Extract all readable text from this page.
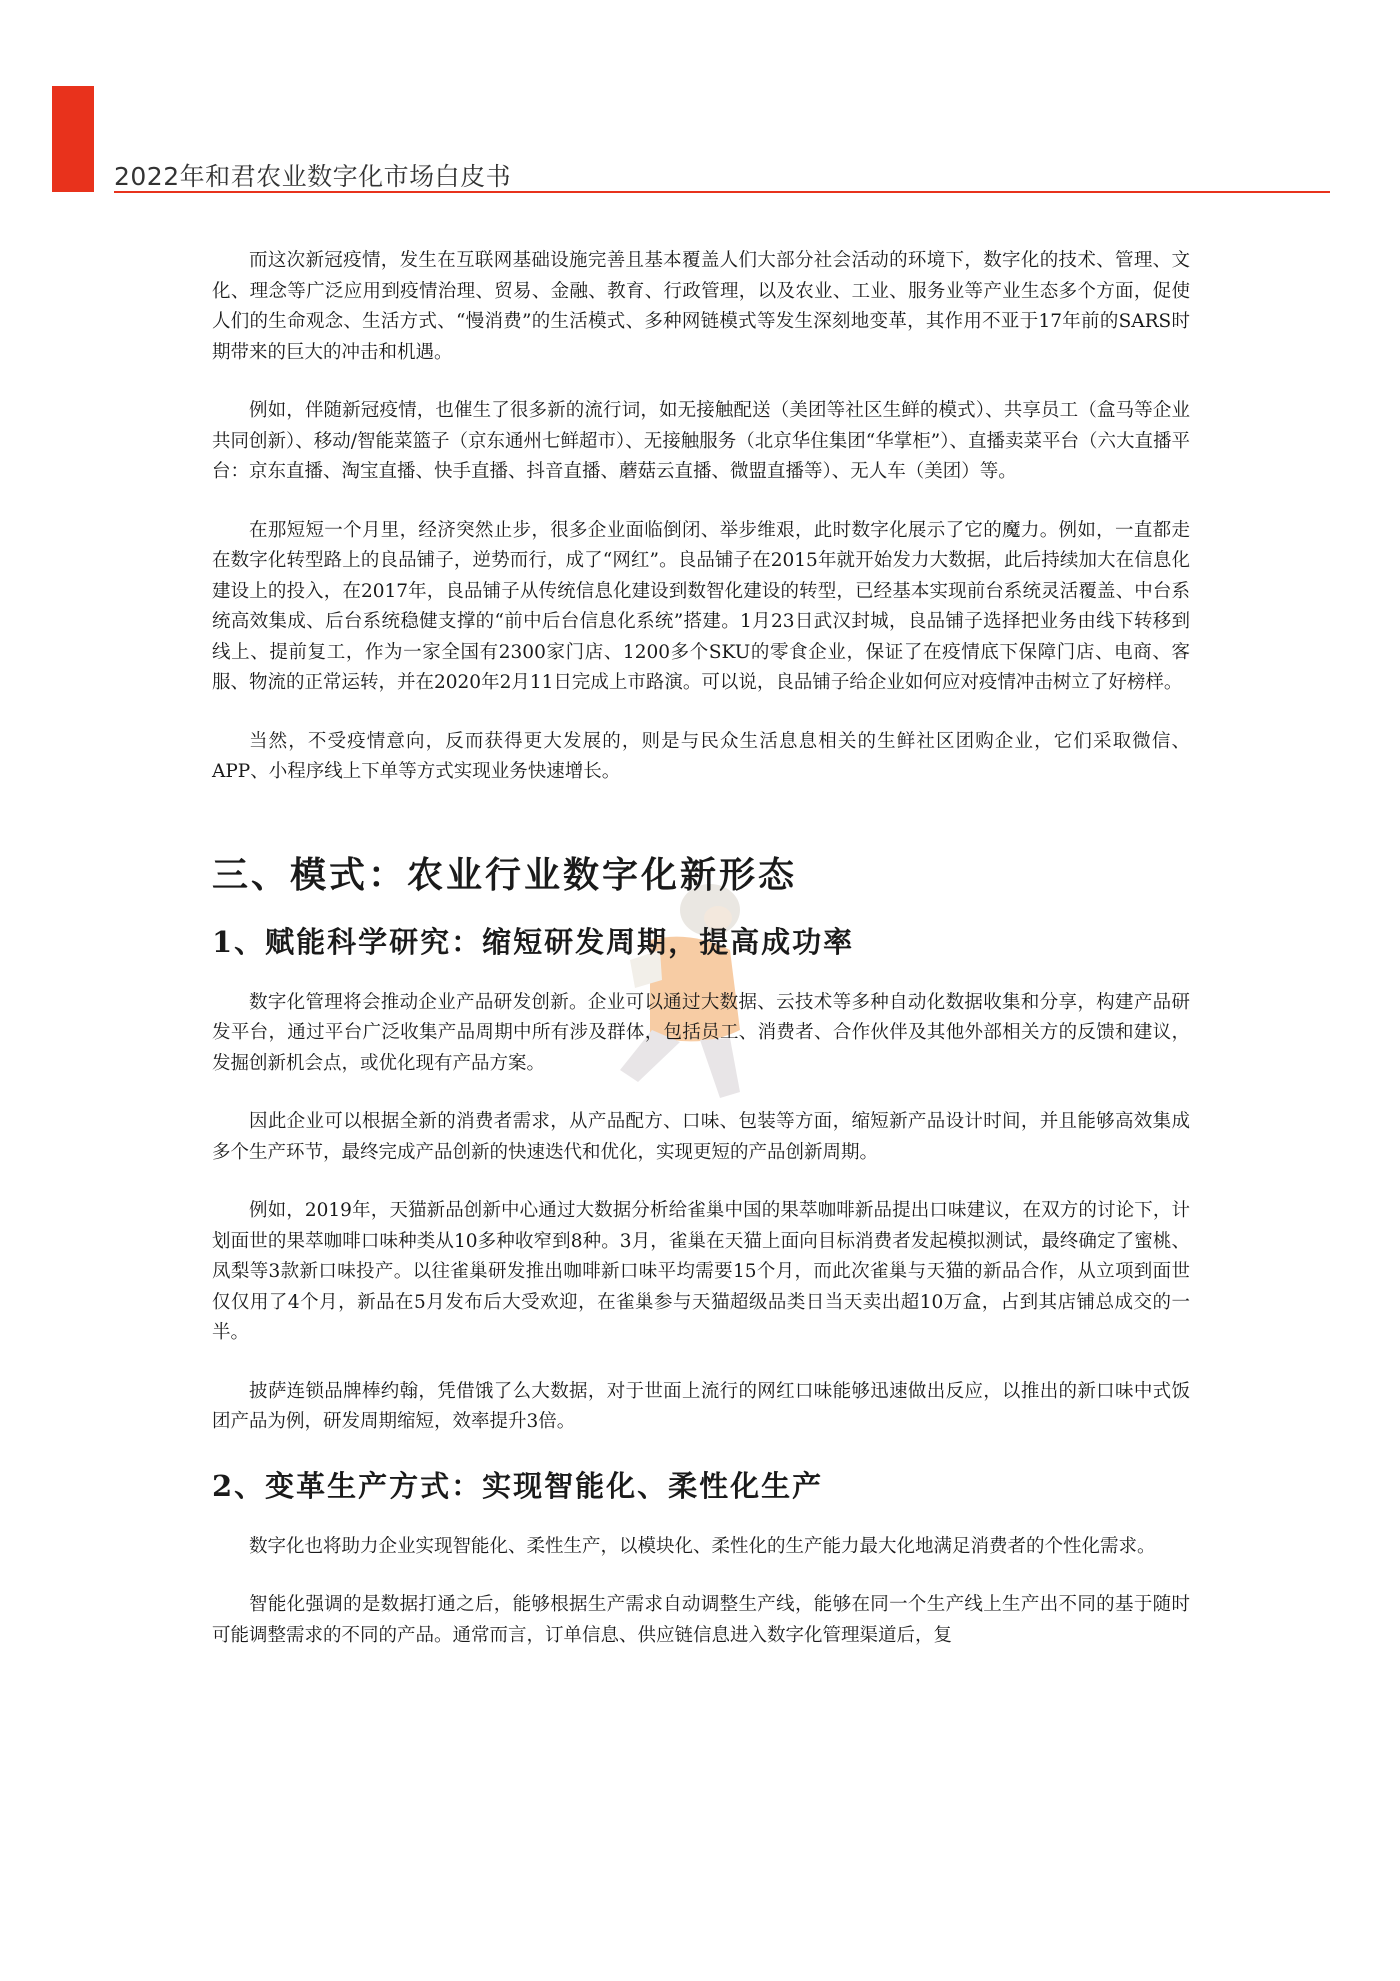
2022年和君农业数字化市场白皮书

而这次新冠疫情，发生在互联网基础设施完善且基本覆盖人们大部分社会活动的环境下，数字化的技术、管理、文化、理念等广泛应用到疫情治理、贸易、金融、教育、行政管理，以及农业、工业、服务业等产业生态多个方面，促使人们的生命观念、生活方式、“慢消费”的生活模式、多种网链模式等发生深刻地变革，其作用不亚于17年前的SARS时期带来的巨大的冲击和机遇。

例如，伴随新冠疫情，也催生了很多新的流行词，如无接触配送（美团等社区生鲜的模式）、共享员工（盒马等企业共同创新）、移动/智能菜篮子（京东通州七鲜超市）、无接触服务（北京华住集团“华掌柜”）、直播卖菜平台（六大直播平台：京东直播、淘宝直播、快手直播、抖音直播、蘑菇云直播、微盟直播等）、无人车（美团）等。

在那短短一个月里，经济突然止步，很多企业面临倒闭、举步维艰，此时数字化展示了它的魔力。例如，一直都走在数字化转型路上的良品铺子，逆势而行，成了“网红”。良品铺子在2015年就开始发力大数据，此后持续加大在信息化建设上的投入，在2017年，良品铺子从传统信息化建设到数智化建设的转型，已经基本实现前台系统灵活覆盖、中台系统高效集成、后台系统稳健支撑的“前中后台信息化系统”搭建。1月23日武汉封城，良品铺子选择把业务由线下转移到线上、提前复工，作为一家全国有2300家门店、1200多个SKU的零食企业，保证了在疫情底下保障门店、电商、客服、物流的正常运转，并在2020年2月11日完成上市路演。可以说，良品铺子给企业如何应对疫情冲击树立了好榜样。

当然，不受疫情意向，反而获得更大发展的，则是与民众生活息息相关的生鲜社区团购企业，它们采取微信、APP、小程序线上下单等方式实现业务快速增长。

三、模式：农业行业数字化新形态
1、赋能科学研究：缩短研发周期，提高成功率

数字化管理将会推动企业产品研发创新。企业可以通过大数据、云技术等多种自动化数据收集和分享，构建产品研发平台，通过平台广泛收集产品周期中所有涉及群体，包括员工、消费者、合作伙伴及其他外部相关方的反馈和建议，发掘创新机会点，或优化现有产品方案。

因此企业可以根据全新的消费者需求，从产品配方、口味、包装等方面，缩短新产品设计时间，并且能够高效集成多个生产环节，最终完成产品创新的快速迭代和优化，实现更短的产品创新周期。

例如，2019年，天猫新品创新中心通过大数据分析给雀巢中国的果萃咖啡新品提出口味建议，在双方的讨论下，计划面世的果萃咖啡口味种类从10多种收窄到8种。3月，雀巢在天猫上面向目标消费者发起模拟测试，最终确定了蜜桃、凤梨等3款新口味投产。以往雀巢研发推出咖啡新口味平均需要15个月，而此次雀巢与天猫的新品合作，从立项到面世仅仅用了4个月，新品在5月发布后大受欢迎，在雀巢参与天猫超级品类日当天卖出超10万盒，占到其店铺总成交的一半。

披萨连锁品牌棒约翰，凭借饿了么大数据，对于世面上流行的网红口味能够迅速做出反应，以推出的新口味中式饭团产品为例，研发周期缩短，效率提升3倍。

2、变革生产方式：实现智能化、柔性化生产

数字化也将助力企业实现智能化、柔性生产，以模块化、柔性化的生产能力最大化地满足消费者的个性化需求。

智能化强调的是数据打通之后，能够根据生产需求自动调整生产线，能够在同一个生产线上生产出不同的基于随时可能调整需求的不同的产品。通常而言，订单信息、供应链信息进入数字化管理渠道后，复
